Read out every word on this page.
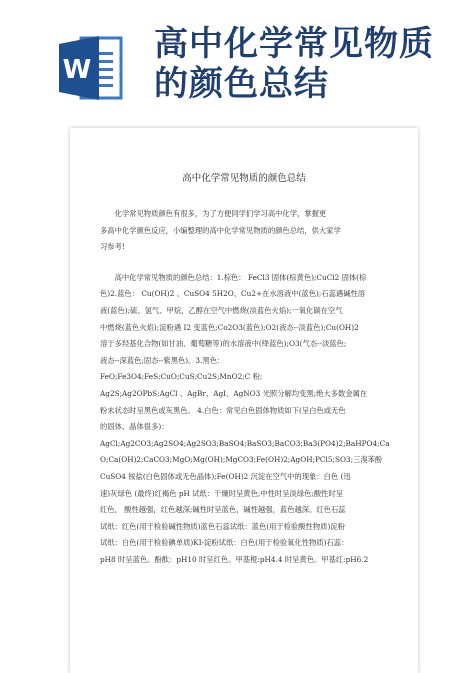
W
高中化学常见物质
的颜色总结
高中化学常见物质的颜色总结

化学常见物质颜色有很多，为了方便同学们学习高中化学，掌握更

多高中化学颜色反应，小编整理的高中化学常见物质的颜色总结，供大家学

习参考!

高中化学常见物质的颜色总结：1.棕色： FeCl3 固体(棕黄色);CuCl2 固体(棕

色)2.蓝色： Cu(OH)2 、CuSO4 5H2O、Cu2+在水溶液中(蓝色);石蕊遇碱性溶

液(蓝色);硫、氢气、甲烷，乙醇在空气中燃烧(淡蓝色火焰);一氧化碳在空气

中燃烧(蓝色火焰);淀粉遇 I2 变蓝色;Co2O3(蓝色);O2(液态--淡蓝色);Cu(OH)2

溶于多羟基化合物(如甘油、葡萄糖等)的水溶液中(绛蓝色);O3(气态--淡蓝色;

液态--深蓝色;固态--紫黑色)。3.黑色：

FeO;Fe3O4;FeS;CuO;CuS;Cu2S;MnO2;C 粉;

Ag2S;Ag2OPbS;AgCl 、AgBr、AgI、AgNO3 光照分解均变黑;绝大多数金属在

粉末状态时呈黑色或灰黑色。 4.白色：常见白色固体物质如下(呈白色或无色

的固体、晶体很多)：

AgCl;Ag2CO3;Ag2SO4;Ag2SO3;BaSO4;BaSO3;BaCO3;Ba3(PO4)2;BaHPO4;Ca

O;Ca(OH)2;CaCO3;MgO;Mg(OH);MgCO3;Fe(OH)2;AgOH;PCl5;SO3;三溴苯酚

CuSO4 铵盐(白色固体或无色晶体);Fe(OH)2 沉淀在空气中的现象：白色 (迅

速)灰绿色 (最终)红褐色 pH 试纸：干燥时呈黄色;中性时呈淡绿色;酸性时呈

红色， 酸性越强，红色越深;碱性时呈蓝色，碱性越强，蓝色越深。红色石蕊

试纸：红色(用于检验碱性物质)蓝色石蕊试纸：蓝色(用于检验酸性物质)淀粉

试纸：白色(用于检验碘单质)KI-淀粉试纸：白色(用于检验氧化性物质)石蕊：

pH8 时呈蓝色。酚酞：pH10 时呈红色。甲基橙:pH4.4 时呈黄色。甲基红:pH6.2
